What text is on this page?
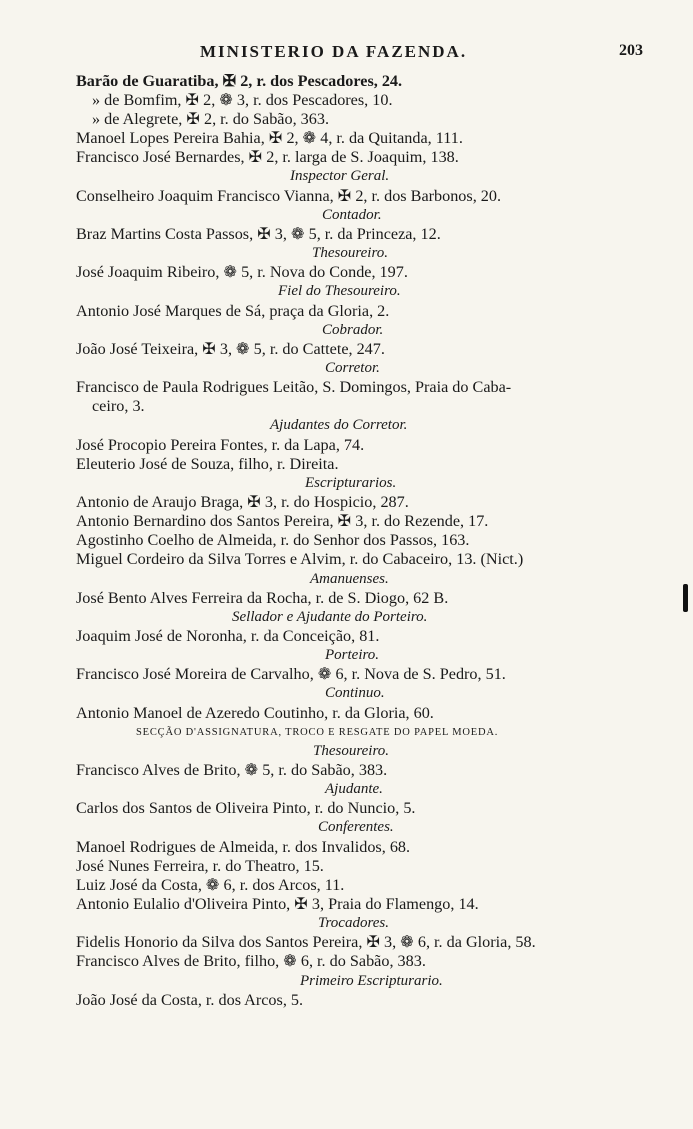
MINISTERIO DA FAZENDA.	203
Barão de Guaratiba, ✠ 2, r. dos Pescadores, 24.
» de Bomfim, ✠ 2, ❁ 3, r. dos Pescadores, 10.
» de Alegrete, ✠ 2, r. do Sabão, 363.
Manoel Lopes Pereira Bahia, ✠ 2, ❁ 4, r. da Quitanda, 111.
Francisco José Bernardes, ✠ 2, r. larga de S. Joaquim, 138.
Inspector Geral.
Conselheiro Joaquim Francisco Vianna, ✠ 2, r. dos Barbonos, 20.
Contador.
Braz Martins Costa Passos, ✠ 3, ❁ 5, r. da Princeza, 12.
Thesoureiro.
José Joaquim Ribeiro, ❁ 5, r. Nova do Conde, 197.
Fiel do Thesoureiro.
Antonio José Marques de Sá, praça da Gloria, 2.
Cobrador.
João José Teixeira, ✠ 3, ❁ 5, r. do Cattete, 247.
Corretor.
Francisco de Paula Rodrigues Leitão, S. Domingos, Praia do Caba-
ceiro, 3.
Ajudantes do Corretor.
José Procopio Pereira Fontes, r. da Lapa, 74.
Eleuterio José de Souza, filho, r. Direita.
Escripturarios.
Antonio de Araujo Braga, ✠ 3, r. do Hospicio, 287.
Antonio Bernardino dos Santos Pereira, ✠ 3, r. do Rezende, 17.
Agostinho Coelho de Almeida, r. do Senhor dos Passos, 163.
Miguel Cordeiro da Silva Torres e Alvim, r. do Cabaceiro, 13. (Nict.)
Amanuenses.
José Bento Alves Ferreira da Rocha, r. de S. Diogo, 62 B.
Sellador e Ajudante do Porteiro.
Joaquim José de Noronha, r. da Conceição, 81.
Porteiro.
Francisco José Moreira de Carvalho, ❁ 6, r. Nova de S. Pedro, 51.
Continuo.
Antonio Manoel de Azeredo Coutinho, r. da Gloria, 60.
SECÇÃO D'ASSIGNATURA, TROCO E RESGATE DO PAPEL MOEDA.
Thesoureiro.
Francisco Alves de Brito, ❁ 5, r. do Sabão, 383.
Ajudante.
Carlos dos Santos de Oliveira Pinto, r. do Nuncio, 5.
Conferentes.
Manoel Rodrigues de Almeida, r. dos Invalidos, 68.
José Nunes Ferreira, r. do Theatro, 15.
Luiz José da Costa, ❁ 6, r. dos Arcos, 11.
Antonio Eulalio d'Oliveira Pinto, ✠ 3, Praia do Flamengo, 14.
Trocadores.
Fidelis Honorio da Silva dos Santos Pereira, ✠ 3, ❁ 6, r. da Gloria, 58.
Francisco Alves de Brito, filho, ❁ 6, r. do Sabão, 383.
Primeiro Escripturario.
João José da Costa, r. dos Arcos, 5.
